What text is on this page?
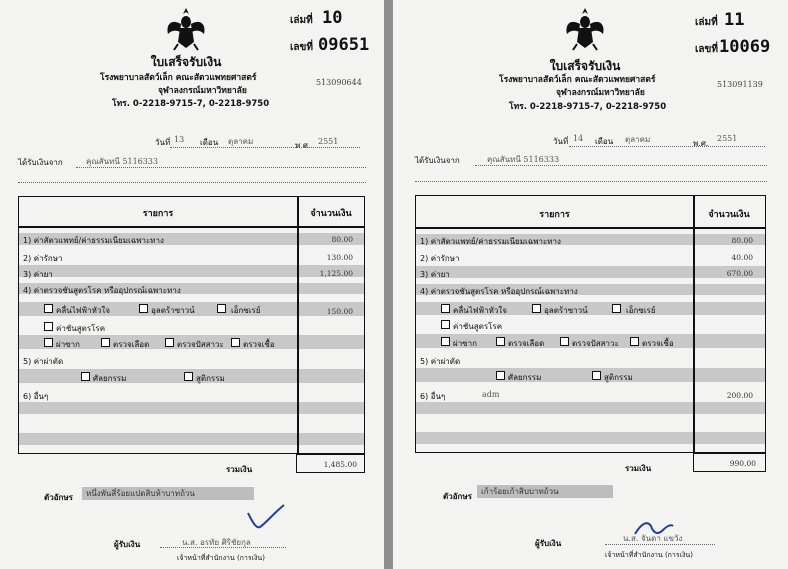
เล่มที่ 10
เลขที่ 09651
ใบเสร็จรับเงิน
โรงพยาบาลสัตว์เล็ก คณะสัตวแพทยศาสตร์
จุฬาลงกรณ์มหาวิทยาลัย
โทร. 0-2218-9715-7, 0-2218-9750
513090644
วันที่ 13 เดือน ตุลาคม	พ.ศ. 2551
ได้รับเงินจาก	คุณสันทนี 5116333
รายการ	จำนวนเงิน
1) ค่าสัตวแพทย์/ค่าธรรมเนียมเฉพาะทาง	80.00
2) ค่ารักษา	130.00
3) ค่ายา	1,125.00
4) ค่าตรวจชันสูตรโรค หรืออุปกรณ์เฉพาะทาง
คลื่นไฟฟ้าหัวใจ	อุลตร้าซาวน์	เอ็กซเรย์	150.00
ค่าชันสูตรโรค
ผ่าซาก	ตรวจเลือด	ตรวจปัสสาวะ ตรวจเชื้อ
5) ค่าผ่าตัด
ศัลยกรรม	สูติกรรม
6) อื่นๆ
รวมเงิน
1,485.00
ตัวอักษร	หนึ่งพันสี่ร้อยแปดสิบห้าบาทถ้วน
ผู้รับเงิน	น.ส. อรทัย ศิริชัยกุล
เจ้าหน้าที่สำนักงาน (การเงิน)
เล่มที่ 11
เลขที่ 10069
ใบเสร็จรับเงิน
โรงพยาบาลสัตว์เล็ก คณะสัตวแพทยศาสตร์
จุฬาลงกรณ์มหาวิทยาลัย
โทร. 0-2218-9715-7, 0-2218-9750
513091139
วันที่ 14 เดือน ตุลาคม	พ.ศ.
2551
ได้รับเงินจาก	คุณสันทนี 5116333
รายการ	จำนวนเงิน
1) ค่าสัตวแพทย์/ค่าธรรมเนียมเฉพาะทาง	80.00
2) ค่ารักษา	40.00
3) ค่ายา	670.00
4) ค่าตรวจชันสูตรโรค หรืออุปกรณ์เฉพาะทาง
คลื่นไฟฟ้าหัวใจ	อุลตร้าซาวน์	เอ็กซเรย์
ค่าชันสูตรโรค
ผ่าซาก	ตรวจเลือด	ตรวจปัสสาวะ	ตรวจเชื้อ
5) ค่าผ่าตัด
ศัลยกรรม	สูติกรรม
6) อื่นๆ	adm	200.00
รวมเงิน
990.00
ตัวอักษร
เก้าร้อยเก้าสิบบาทถ้วน
ผู้รับเงิน
น.ส. จันดา แขวัง
เจ้าหน้าที่สำนักงาน (การเงิน)
